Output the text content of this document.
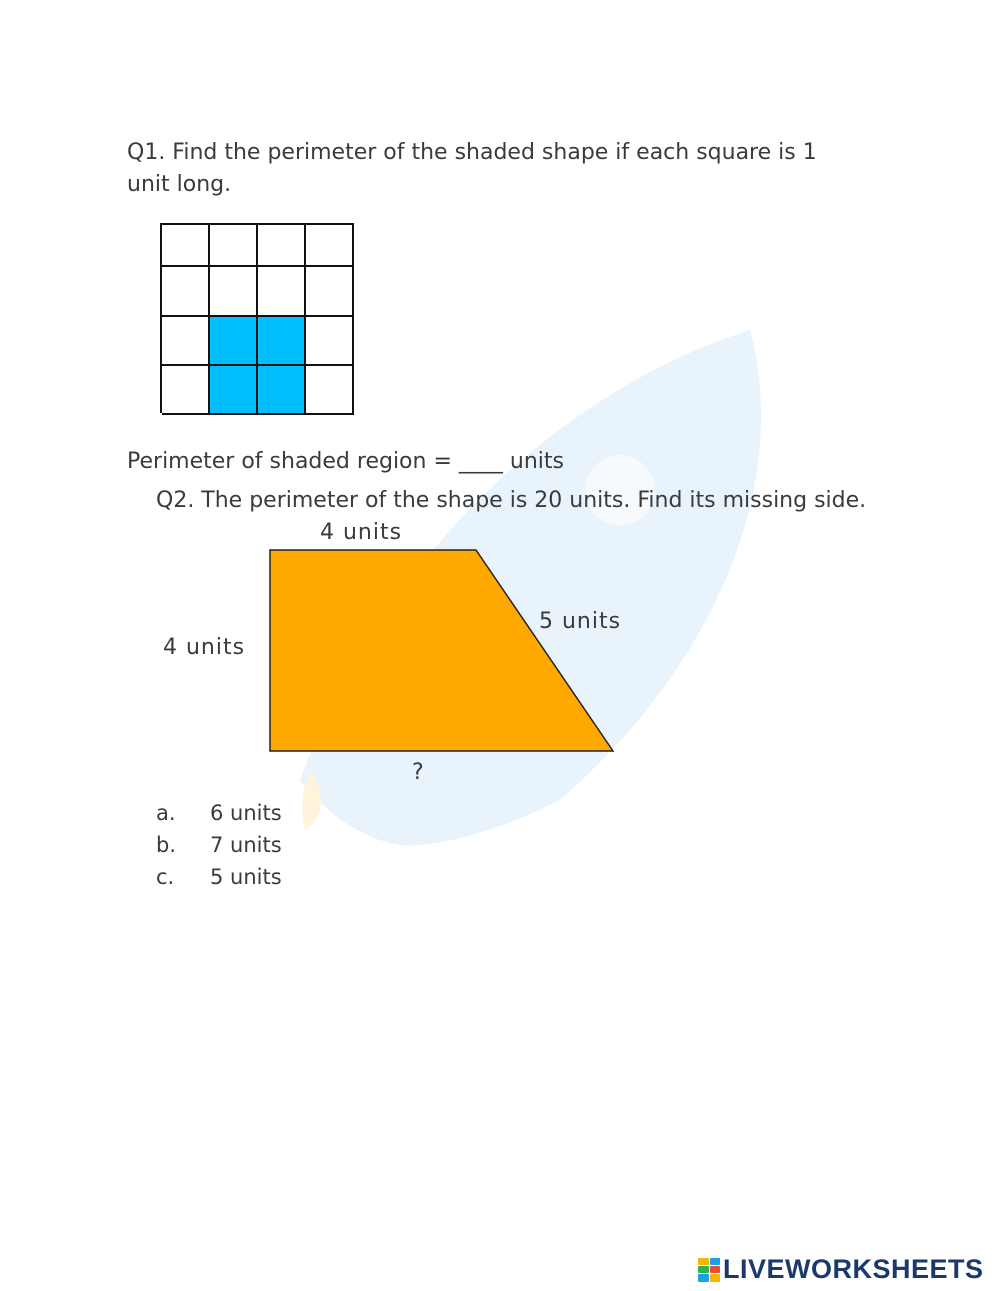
Q1. Find the perimeter of the shaded shape if each square is 1

unit long.

Perimeter of shaded region = ____ units

Q2. The perimeter of the shape is 20 units. Find its missing side.

4 units
4 units
5 units
?
a. 6 units
b. 7 units
c. 5 units
LIVEWORKSHEETS
